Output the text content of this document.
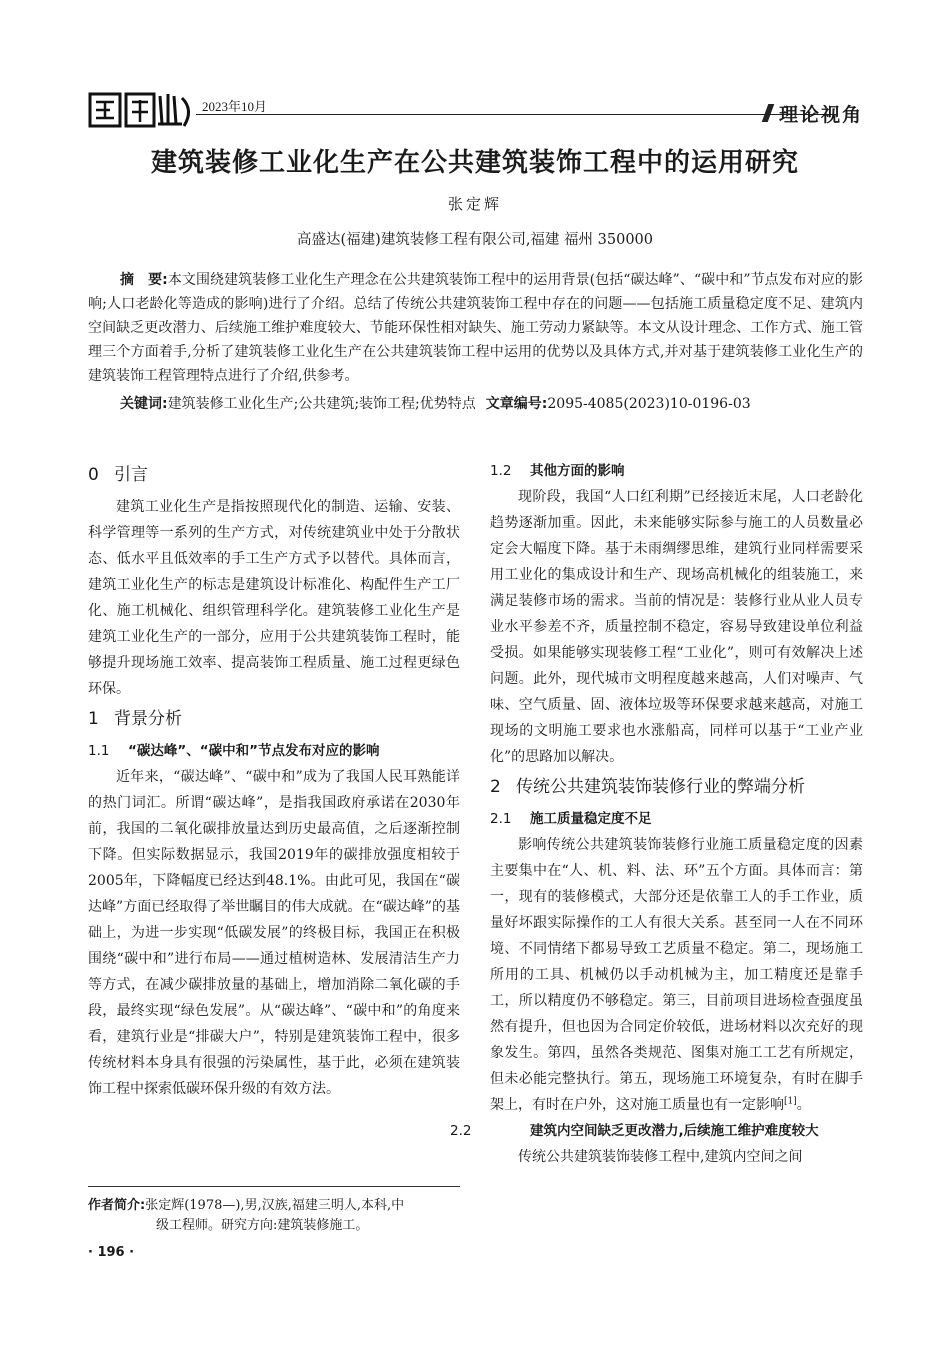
2023年10月	理论视角
建筑装修工业化生产在公共建筑装饰工程中的运用研究
张定辉
高盛达(福建)建筑装修工程有限公司,福建 福州 350000

摘　要:本文围绕建筑装修工业化生产理念在公共建筑装饰工程中的运用背景(包括“碳达峰”、“碳中和”节点发布对应的影响;人口老龄化等造成的影响)进行了介绍。总结了传统公共建筑装饰工程中存在的问题——包括施工质量稳定度不足、建筑内空间缺乏更改潜力、后续施工维护难度较大、节能环保性相对缺失、施工劳动力紧缺等。本文从设计理念、工作方式、施工管理三个方面着手,分析了建筑装修工业化生产在公共建筑装饰工程中运用的优势以及具体方式,并对基于建筑装修工业化生产的建筑装饰工程管理特点进行了介绍,供参考。

关键词:建筑装修工业化生产;公共建筑;装饰工程;优势特点 文章编号:2095-4085(2023)10-0196-03
0 引言

建筑工业化生产是指按照现代化的制造、运输、安装、科学管理等一系列的生产方式，对传统建筑业中处于分散状态、低水平且低效率的手工生产方式予以替代。具体而言，建筑工业化生产的标志是建筑设计标准化、构配件生产工厂化、施工机械化、组织管理科学化。建筑装修工业化生产是建筑工业化生产的一部分，应用于公共建筑装饰工程时，能够提升现场施工效率、提高装饰工程质量、施工过程更绿色环保。

1 背景分析
1.1 “碳达峰”、“碳中和”节点发布对应的影响

近年来，“碳达峰”、“碳中和”成为了我国人民耳熟能详的热门词汇。所谓“碳达峰”，是指我国政府承诺在2030年前，我国的二氧化碳排放量达到历史最高值，之后逐渐控制下降。但实际数据显示，我国2019年的碳排放强度相较于2005年，下降幅度已经达到48.1%。由此可见，我国在“碳达峰”方面已经取得了举世瞩目的伟大成就。在“碳达峰”的基础上，为进一步实现“低碳发展”的终极目标，我国正在积极围绕“碳中和”进行布局——通过植树造林、发展清洁生产力等方式，在减少碳排放量的基础上，增加消除二氧化碳的手段，最终实现“绿色发展”。从“碳达峰”、“碳中和”的角度来看，建筑行业是“排碳大户”，特别是建筑装饰工程中，很多传统材料本身具有很强的污染属性，基于此，必须在建筑装饰工程中探索低碳环保升级的有效方法。

1.2 其他方面的影响

现阶段，我国“人口红利期”已经接近末尾，人口老龄化趋势逐渐加重。因此，未来能够实际参与施工的人员数量必定会大幅度下降。基于未雨绸缪思维，建筑行业同样需要采用工业化的集成设计和生产、现场高机械化的组装施工，来满足装修市场的需求。当前的情况是：装修行业从业人员专业水平参差不齐，质量控制不稳定，容易导致建设单位利益受损。如果能够实现装修工程“工业化”，则可有效解决上述问题。此外，现代城市文明程度越来越高，人们对噪声、气味、空气质量、固、液体垃圾等环保要求越来越高，对施工现场的文明施工要求也水涨船高，同样可以基于“工业产业化”的思路加以解决。

2 传统公共建筑装饰装修行业的弊端分析
2.1 施工质量稳定度不足

影响传统公共建筑装饰装修行业施工质量稳定度的因素主要集中在“人、机、料、法、环”五个方面。具体而言：第一，现有的装修模式，大部分还是依靠工人的手工作业，质量好坏跟实际操作的工人有很大关系。甚至同一人在不同环境、不同情绪下都易导致工艺质量不稳定。第二，现场施工所用的工具、机械仍以手动机械为主，加工精度还是靠手工，所以精度仍不够稳定。第三，目前项目进场检查强度虽然有提升，但也因为合同定价较低，进场材料以次充好的现象发生。第四，虽然各类规范、图集对施工工艺有所规定，但未必能完整执行。第五，现场施工环境复杂，有时在脚手架上，有时在户外，这对施工质量也有一定影响[1]。

2.2	建筑内空间缺乏更改潜力,后续施工维护难度较大

传统公共建筑装饰装修工程中,建筑内空间之间

作者简介:张定辉(1978—),男,汉族,福建三明人,本科,中
级工程师。研究方向:建筑装修施工。
· 196 ·
